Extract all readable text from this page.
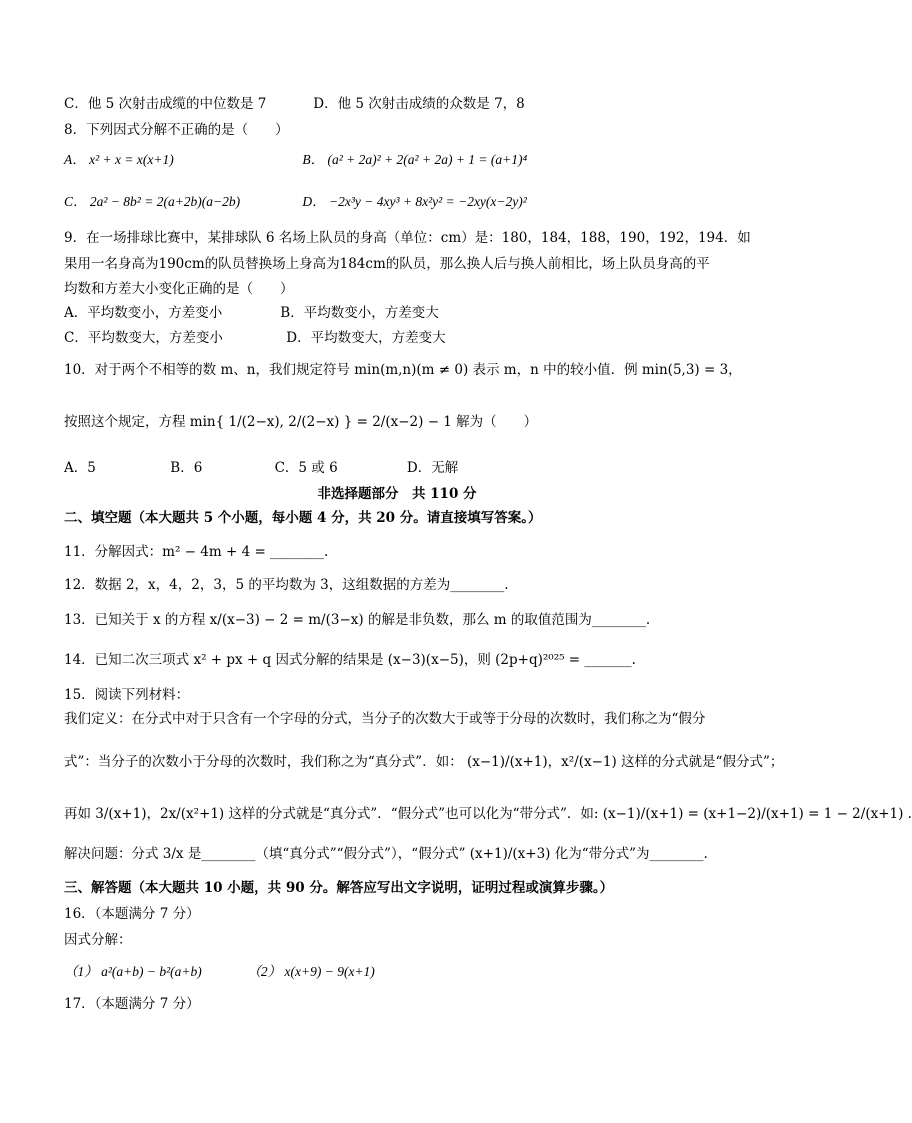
C．他 5 次射击成缆的中位数是 7	D．他 5 次射击成绩的众数是 7，8
8．下列因式分解不正确的是（　　）
A． x² + x = x(x+1)	B． (a² + 2a)² + 2(a² + 2a) + 1 = (a+1)⁴
C． 2a² − 8b² = 2(a+2b)(a−2b)	D． −2x³y − 4xy³ + 8x²y² = −2xy(x−2y)²
9．在一场排球比赛中，某排球队 6 名场上队员的身高（单位：cm）是：180，184，188，190，192，194．如
果用一名身高为190cm的队员替换场上身高为184cm的队员，那么换人后与换人前相比，场上队员身高的平
均数和方差大小变化正确的是（　　）
A．平均数变小，方差变小	B．平均数变小，方差变大
C．平均数变大，方差变小	D．平均数变大，方差变大
10．对于两个不相等的数 m、n，我们规定符号 min(m,n)(m ≠ 0) 表示 m，n 中的较小值．例 min(5,3) = 3，
按照这个规定，方程 min{ 1/(2−x), 2/(2−x) } = 2/(x−2) − 1 解为（　　）
A．5	B．6	C．5 或 6	D．无解
非选择题部分　共 110 分
二、填空题（本大题共 5 个小题，每小题 4 分，共 20 分。请直接填写答案。）
11．分解因式：m² − 4m + 4 = ________.
12．数据 2，x，4，2，3，5 的平均数为 3，这组数据的方差为________.
13．已知关于 x 的方程 x/(x−3) − 2 = m/(3−x) 的解是非负数，那么 m 的取值范围为________.
14．已知二次三项式 x² + px + q 因式分解的结果是 (x−3)(x−5)，则 (2p+q)²⁰²⁵ = _______.
15．阅读下列材料：
我们定义：在分式中对于只含有一个字母的分式，当分子的次数大于或等于分母的次数时，我们称之为“假分
式”：当分子的次数小于分母的次数时，我们称之为“真分式”．如： (x−1)/(x+1)，x²/(x−1) 这样的分式就是“假分式”；
再如 3/(x+1)，2x/(x²+1) 这样的分式就是“真分式”．“假分式”也可以化为“带分式”．如: (x−1)/(x+1) = (x+1−2)/(x+1) = 1 − 2/(x+1) .
解决问题：分式 3/x 是________（填“真分式”“假分式”），“假分式” (x+1)/(x+3) 化为“带分式”为________.
三、解答题（本大题共 10 小题，共 90 分。解答应写出文字说明，证明过程或演算步骤。）
16．（本题满分 7 分）
因式分解：
（1） a²(a+b) − b²(a+b)	（2） x(x+9) − 9(x+1)
17．（本题满分 7 分）
